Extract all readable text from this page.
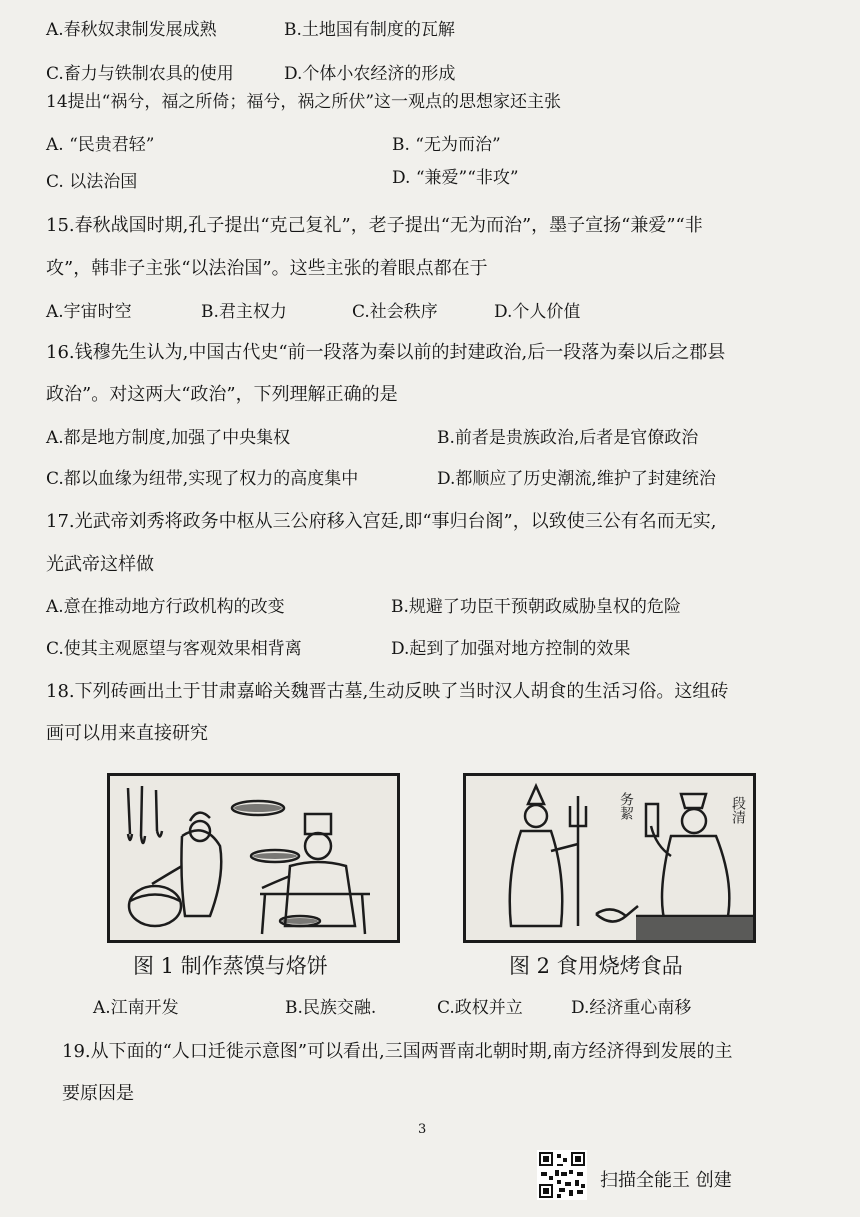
A.春秋奴隶制发展成熟	B.土地国有制度的瓦解
C.畜力与铁制农具的使用	D.个体小农经济的形成
14提出“祸兮，福之所倚；福兮，祸之所伏”这一观点的思想家还主张
A. “民贵君轻”	B. “无为而治”
C. 以法治国	D. “兼爱”“非攻”
15.春秋战国时期,孔子提出“克己复礼”，老子提出“无为而治”，墨子宣扬“兼爱”“非
攻”，韩非子主张“以法治国”。这些主张的着眼点都在于
A.宇宙时空	B.君主权力	C.社会秩序	D.个人价值
16.钱穆先生认为,中国古代史“前一段落为秦以前的封建政治,后一段落为秦以后之郡县
政治”。对这两大“政治”，下列理解正确的是
A.都是地方制度,加强了中央集权	B.前者是贵族政治,后者是官僚政治
C.都以血缘为纽带,实现了权力的高度集中	D.都顺应了历史潮流,维护了封建统治
17.光武帝刘秀将政务中枢从三公府移入宫廷,即“事归台阁”，以致使三公有名而无实,
光武帝这样做
A.意在推动地方行政机构的改变	B.规避了功臣干预朝政威胁皇权的危险
C.使其主观愿望与客观效果相背离	D.起到了加强对地方控制的效果
18.下列砖画出土于甘肃嘉峪关魏晋古墓,生动反映了当时汉人胡食的生活习俗。这组砖
画可以用来直接研究
图 1 制作蒸馍与烙饼
务絜	段清
图 2 食用烧烤食品
A.江南开发	B.民族交融.	C.政权并立	D.经济重心南移
19.从下面的“人口迁徙示意图”可以看出,三国两晋南北朝时期,南方经济得到发展的主
要原因是
3
扫描全能王 创建
